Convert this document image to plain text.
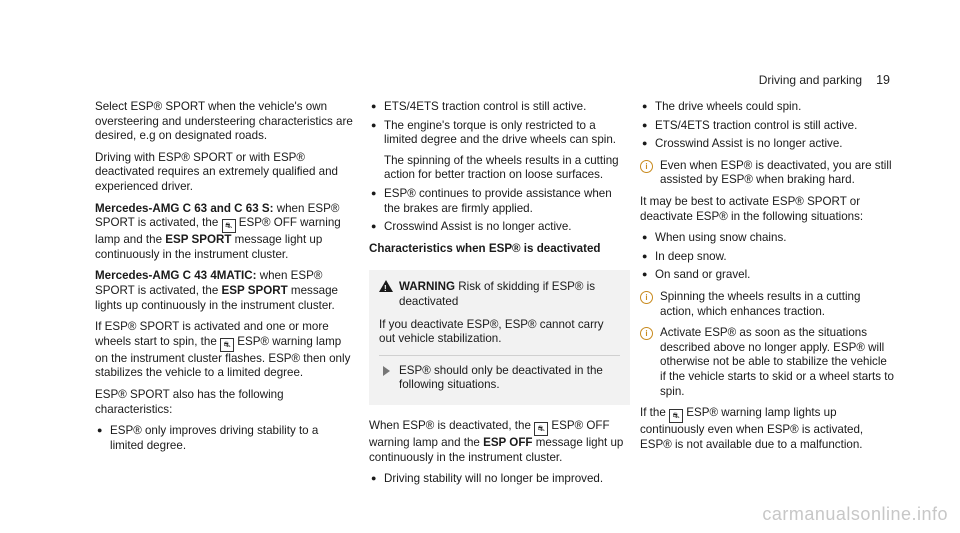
Driving and parking 19

Select ESP® SPORT when the vehicle's own oversteering and understeering characteristics are desired, e.g on designated roads.

Driving with ESP® SPORT or with ESP® deactivated requires an extremely qualified and experienced driver.

Mercedes-AMG C 63 and C 63 S: when ESP® SPORT is activated, the ⛐ ESP® OFF warning lamp and the ESP SPORT message light up continuously in the instrument cluster.

Mercedes-AMG C 43 4MATIC: when ESP® SPORT is activated, the ESP SPORT message lights up continuously in the instrument cluster.

If ESP® SPORT is activated and one or more wheels start to spin, the ⛐ ESP® warning lamp on the instrument cluster flashes. ESP® then only stabilizes the vehicle to a limited degree.

ESP® SPORT also has the following characteristics:

● ESP® only improves driving stability to a limited degree.
● ETS/4ETS traction control is still active.
● The engine's torque is only restricted to a limited degree and the drive wheels can spin.
The spinning of the wheels results in a cutting action for better traction on loose surfaces.
● ESP® continues to provide assistance when the brakes are firmly applied.
● Crosswind Assist is no longer active.
Characteristics when ESP® is deactivated
! WARNING Risk of skidding if ESP® is deactivated
If you deactivate ESP®, ESP® cannot carry out vehicle stabilization.
ESP® should only be deactivated in the following situations.

When ESP® is deactivated, the ⛐ ESP® OFF warning lamp and the ESP OFF message light up continuously in the instrument cluster.

● Driving stability will no longer be improved.
● The drive wheels could spin.
● ETS/4ETS traction control is still active.
● Crosswind Assist is no longer active.
i	Even when ESP® is deactivated, you are still assisted by ESP® when braking hard.

It may be best to activate ESP® SPORT or deactivate ESP® in the following situations:

● When using snow chains.
● In deep snow.
● On sand or gravel.
i	Spinning the wheels results in a cutting action, which enhances traction.
i	Activate ESP® as soon as the situations described above no longer apply. ESP® will otherwise not be able to stabilize the vehicle if the vehicle starts to skid or a wheel starts to spin.

If the ⛐ ESP® warning lamp lights up continuously even when ESP® is activated, ESP® is not available due to a malfunction.

carmanualsonline.info
